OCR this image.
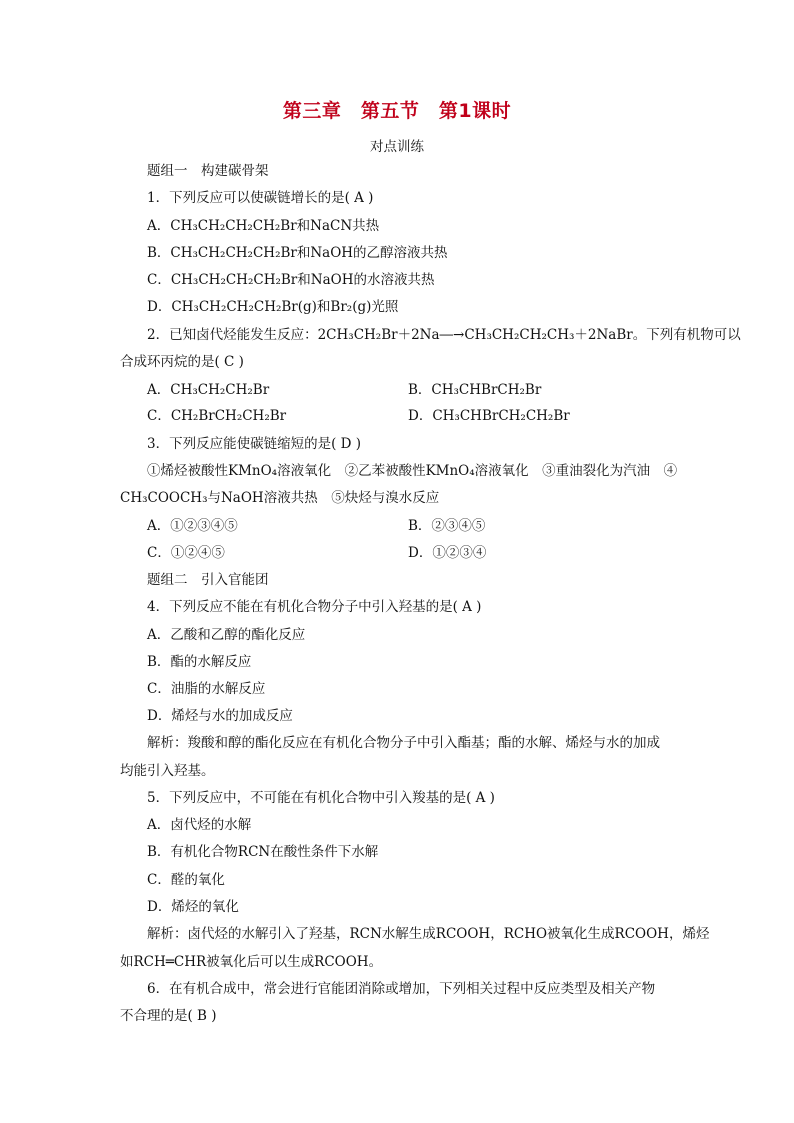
第三章　第五节　第1课时
对点训练
题组一　构建碳骨架
1．下列反应可以使碳链增长的是( A )
A．CH₃CH₂CH₂CH₂Br和NaCN共热
B．CH₃CH₂CH₂CH₂Br和NaOH的乙醇溶液共热
C．CH₃CH₂CH₂CH₂Br和NaOH的水溶液共热
D．CH₃CH₂CH₂CH₂Br(g)和Br₂(g)光照
2．已知卤代烃能发生反应：2CH₃CH₂Br＋2Na―→CH₃CH₂CH₂CH₃＋2NaBr。下列有机物可以
合成环丙烷的是( C )
A．CH₃CH₂CH₂Br	B．CH₃CHBrCH₂Br
C．CH₂BrCH₂CH₂Br	D．CH₃CHBrCH₂CH₂Br
3．下列反应能使碳链缩短的是( D )
①烯烃被酸性KMnO₄溶液氧化　②乙苯被酸性KMnO₄溶液氧化　③重油裂化为汽油　④
CH₃COOCH₃与NaOH溶液共热　⑤炔烃与溴水反应
A．①②③④⑤	B．②③④⑤
C．①②④⑤	D．①②③④
题组二　引入官能团
4．下列反应不能在有机化合物分子中引入羟基的是( A )
A．乙酸和乙醇的酯化反应
B．酯的水解反应
C．油脂的水解反应
D．烯烃与水的加成反应
解析：羧酸和醇的酯化反应在有机化合物分子中引入酯基；酯的水解、烯烃与水的加成
均能引入羟基。
5．下列反应中，不可能在有机化合物中引入羧基的是( A )
A．卤代烃的水解
B．有机化合物RCN在酸性条件下水解
C．醛的氧化
D．烯烃的氧化
解析：卤代烃的水解引入了羟基，RCN水解生成RCOOH，RCHO被氧化生成RCOOH，烯烃
如RCH═CHR被氧化后可以生成RCOOH。
6．在有机合成中，常会进行官能团消除或增加，下列相关过程中反应类型及相关产物
不合理的是( B )
